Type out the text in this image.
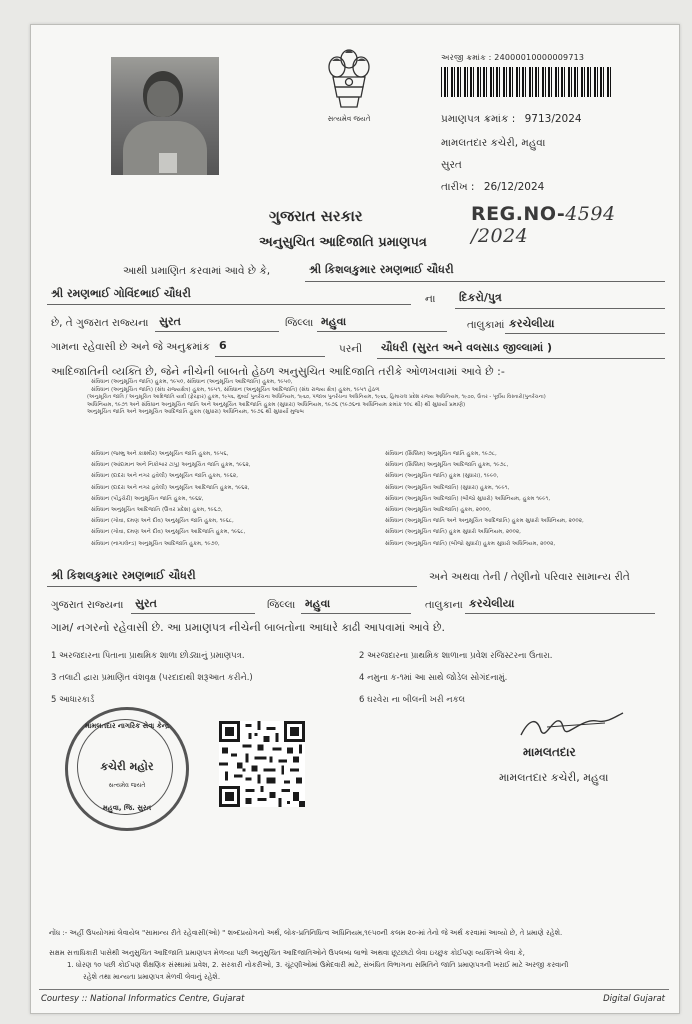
સત્યમેવ જયતે
અરજી ક્રમાંક : 24000010000009713
પ્રમાણપત્ર ક્રમાંક : 9713/2024
મામલતદાર કચેરી, મહુવા
સુરત
તારીખ : 26/12/2024
ગુજરાત સરકાર	REG.NO-4594 /2024
અનુસુચિત આદિજાતિ પ્રમાણપત્ર
આથી પ્રમાણિત કરવામાં આવે છે કે,	શ્રી કિશલકુમાર રમણભાઈ ચૌધરી
શ્રી રમણભાઈ ગોવિંદભાઈ ચૌધરી	ના દિકરો/પુત્ર
છે, તે ગુજરાત રાજ્યના સુરત	જિલ્લા મહુવા	તાલુકામાં કરચેલીયા
ગામના રહેવાસી છે અને જે અનુક્રમાંક 6	પરની ચૌધરી (સુરત અને વલસાડ જીલ્લામાં )
આદિજાતિની વ્યક્તિ છે, જેને નીચેની બાબતો હેઠળ અનુસુચિત આદિજાતિ તરીકે ઓળખવામાં આવે છે :-
સંવિધાન (અનુસૂચિત જાતિ) હુકમ, ૧૯૫૦, સંવિધાન (અનુસૂચિત આદિજાતિ) હુકમ, ૧૯૫૦,
સંવિધાન (અનુસૂચિત જાતિ) (સંઘ રાજ્યક્ષેત્ર) હુકમ, ૧૯૫૧, સંવિધાન (અનુસૂચિત આદિજાતિ) (સંઘ રાજ્ય ક્ષેત્ર) હુકમ, ૧૯૫૧ હેઠળ
(અનુસૂચિત જાતિ / અનુસૂચિત આદિજાતિ યાદી (ફેરફાર) હુકમ, ૧૯૫૬, મુંબઈ પુનર્રચના અધિનિયમ, ૧૯૬૦, પંજાબ પુનર્રચના અધિનિયમ, ૧૯૬૬, હિમાચલ પ્રદેશ રાજ્ય અધિનિયમ, ૧૯૭૦, ઉત્તર - પૂર્વીય વિસ્તારો(પુનર્રચના)
અધિનિયમ, ૧૯૭૧ અને સંવિધાન અનુસૂચિત જાતિ અને અનુસૂચિત આદિજાતિ હુકમ (સુધારા) અધિનિયમ, ૧૯૭૬ (૧૯૭૬ના અધિનિયમ ક્રમાંક ૧૦૮ થી) થી સુધાર્યા પ્રમાણે)
અનુસૂચિત જાતિ અને અનુસૂચિત આદિજાતિ હુકમ (સુધારા) અધિનિયમ, ૧૯૭૬ થી સુધાર્યા મુજબ
સંવિધાન (જમ્મુ અને કાશ્મીર) અનુસૂચિત જાતિ હુકમ, ૧૯૫૬,
સંવિધાન (આંદામાન અને નિકોબાર ટાપુ) અનુસૂચિત જાતિ હુકમ, ૧૯૬૨,
સંવિધાન (દાદરા અને નગર હવેલી) અનુસૂચિત જાતિ હુકમ, ૧૯૬૨,
સંવિધાન (દાદરા અને નગર હવેલી) અનુસૂચિત આદિજાતિ હુકમ, ૧૯૬૨,
સંવિધાન (પોંડુચેરી) અનુસૂચિત જાતિ હુકમ, ૧૯૬૪,
સંવિધાન અનુસૂચિત આદિજાતિ (ઉત્તર પ્રદેશ) હુકમ, ૧૯૬૭,
સંવિધાન (ગોવા, દમણ અને દીવ) અનુસૂચિત જાતિ હુકમ, ૧૯૬૮,
સંવિધાન (ગોવા, દમણ અને દીવ) અનુસૂચિત આદિજાતિ હુકમ, ૧૯૬૮,
સંવિધાન (નાગાલેન્ડ) અનુસૂચિત આદિજાતિ હુકમ, ૧૯૭૦,
સંવિધાન (સિક્કિમ) અનુસૂચિત જાતિ હુકમ, ૧૯૭૮,
સંવિધાન (સિક્કિમ) અનુસૂચિત આદિજાતિ હુકમ, ૧૯૭૮,
સંવિધાન (અનુસૂચિત જાતિ) હુકમ (સુધારા), ૧૯૯૦,
સંવિધાન (અનુસૂચિત આદિજાતિ) (સુધારા) હુકમ, ૧૯૯૧,
સંવિધાન (અનુસૂચિત આદિજાતિ) (બીજો સુધારો) અધિનિયમ, હુકમ ૧૯૯૧,
સંવિધાન (અનુસૂચિત આદિજાતિ) હુકમ, ૨૦૦૦,
સંવિધાન (અનુસૂચિત જાતિ અને અનુસૂચિત આદિજાતિ) હુકમ સુધારો અધિનિયમ, ૨૦૦૨,
સંવિધાન (અનુસૂચિત જાતિ) હુકમ સુધારો અધિનિયમ, ૨૦૦૨,
સંવિધાન (અનુસૂચિત જાતિ) (બીજો સુધારો) હુકમ સુધારો અધિનિયમ, ૨૦૦૨,
શ્રી કિશલકુમાર રમણભાઈ ચૌધરી	અને અથવા તેની / તેણીનો પરિવાર સામાન્ય રીતે
ગુજરાત રાજ્યના સુરત	જિલ્લા મહુવા	તાલુકાના કરચેલીયા
ગામ/ નગરનો રહેવાસી છે. આ પ્રમાણપત્ર નીચેની બાબતોના આધારે કાઢી આપવામાં આવે છે.
1 અરજદારના પિતાના પ્રાથમિક શાળા છોડ્યાનું પ્રમાણપત્ર.	2 અરજદારના પ્રાથમિક શાળાના પ્રવેશ રજિસ્ટરના ઉતારા.
3 તલાટી દ્વારા પ્રમાણિત વંશવૃક્ષ (પરદાદાથી શરૂઆત કરીને.)	4 નમુના ક-૧માં આ સાથે જોડેલ સોગંદનામું.
5 આધારકાર્ડ	6 ઘરવેરા ના બીલની ખરી નકલ
મામલતદાર નાગરિક સેવા કેન્દ્ર
કચેરી મહોર
સત્યમેવ જયતે
મહુવા, જિ. સુરત
મામલતદાર
મામલતદાર કચેરી, મહુવા
નોંધ :- અહીં ઉપયોગમાં લેવાયેલ "સામાન્ય રીતે રહેવાસી(ઓ) " શબ્દપ્રયોગનો અર્થ, લોક-પ્રતિનિધિત્વ અધિનિયમ,૧૯૫૦ની કલમ ૨૦-માં તેનો જે અર્થ કરવામાં આવ્યો છે, તે પ્રમાણે રહેશે.
સક્ષમ સત્તાધિકારી પાસેથી અનુસુચિત આદિજાતિ પ્રમાણપત્ર મેળવ્યા પછી અનુસુચિત આદિજાતિઓને ઉપલબ્ધ લાભો અથવા છૂટછાટો લેવા ઇચ્છુક કોઈપણ વ્યક્તિએ લેવા કે,
1. ધોરણ ૧૦ પછી કોઈપણ શૈક્ષણિક સંસ્થામાં પ્રવેશ, 2. સરકારી નોકરીઓ, 3. ચૂંટણીઓમાં ઉમેદવારી માટે, સંબંધિત વિભાગના સમિતિને જાતિ પ્રમાણપત્રની ખરાઈ માટે અરજી કરવાની
રહેશે તથા માન્યતા પ્રમાણપત્ર મેળવી લેવાનું રહેશે.
Courtesy :: National Informatics Centre, Gujarat	Digital Gujarat
